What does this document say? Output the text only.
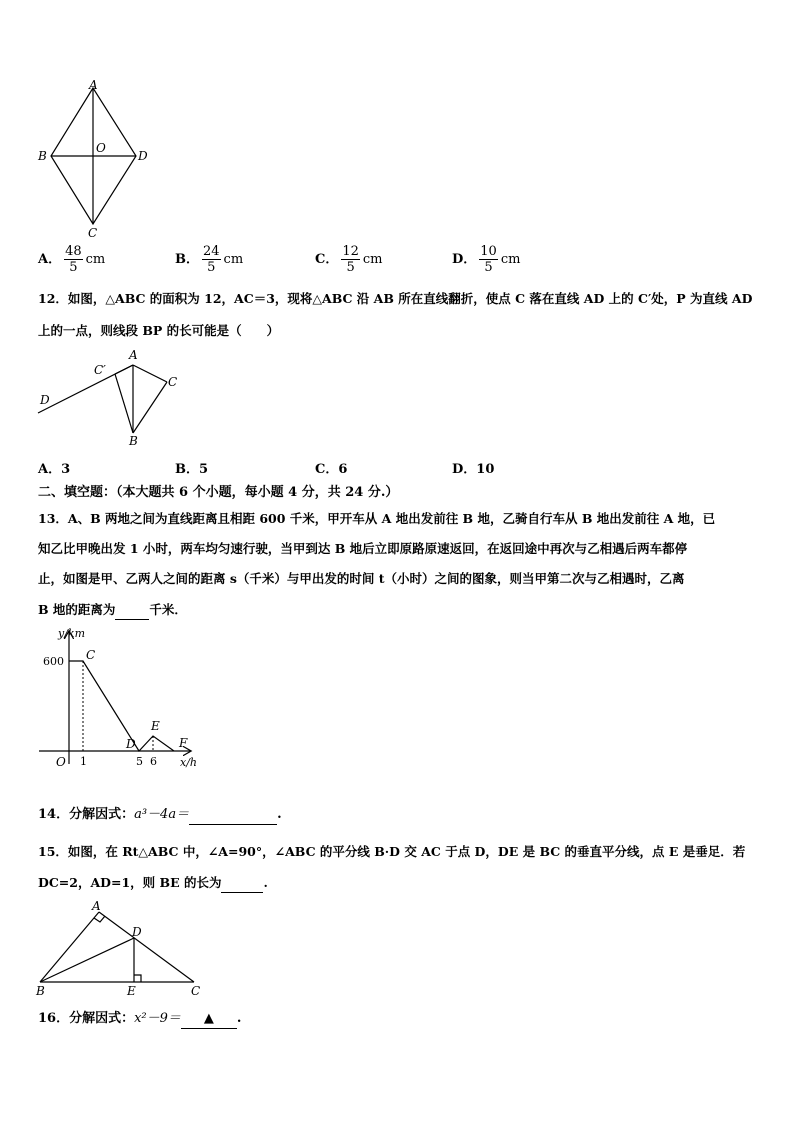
A
B
O
D
C
A． $\frac{48}{5}$ cm	B． $\frac{24}{5}$ cm	C． $\frac{12}{5}$ cm	D． $\frac{10}{5}$ cm
12．如图，△ABC 的面积为 12，AC＝3，现将△ABC 沿 AB 所在直线翻折，使点 C 落在直线 AD 上的 C′处，P 为直线 AD
上的一点，则线段 BP 的长可能是（　　）
A
C′
C
D
B
A．3	B．5	C．6	D．10
二、填空题：（本大题共 6 个小题，每小题 4 分，共 24 分.）
13．A、B 两地之间为直线距离且相距 600 千米，甲开车从 A 地出发前往 B 地，乙骑自行车从 B 地出发前往 A 地，已
知乙比甲晚出发 1 小时，两车均匀速行驶，当甲到达 B 地后立即原路原速返回，在返回途中再次与乙相遇后两车都停
止，如图是甲、乙两人之间的距离 s（千米）与甲出发的时间 t（小时）之间的图象，则当甲第二次与乙相遇时，乙离
B 地的距离为	千米．
1	5 6
600 C
D
E
F
y/km
x/h
O
14．分解因式：a³－4a＝	.
15．如图，在 Rt△ABC 中，∠A=90°，∠ABC 的平分线 B·D 交 AC 于点 D，DE 是 BC 的垂直平分线，点 E 是垂足．若
DC=2，AD=1，则 BE 的长为	.
A
D
B	E	C
16．分解因式：x²－9＝ ▲ .
